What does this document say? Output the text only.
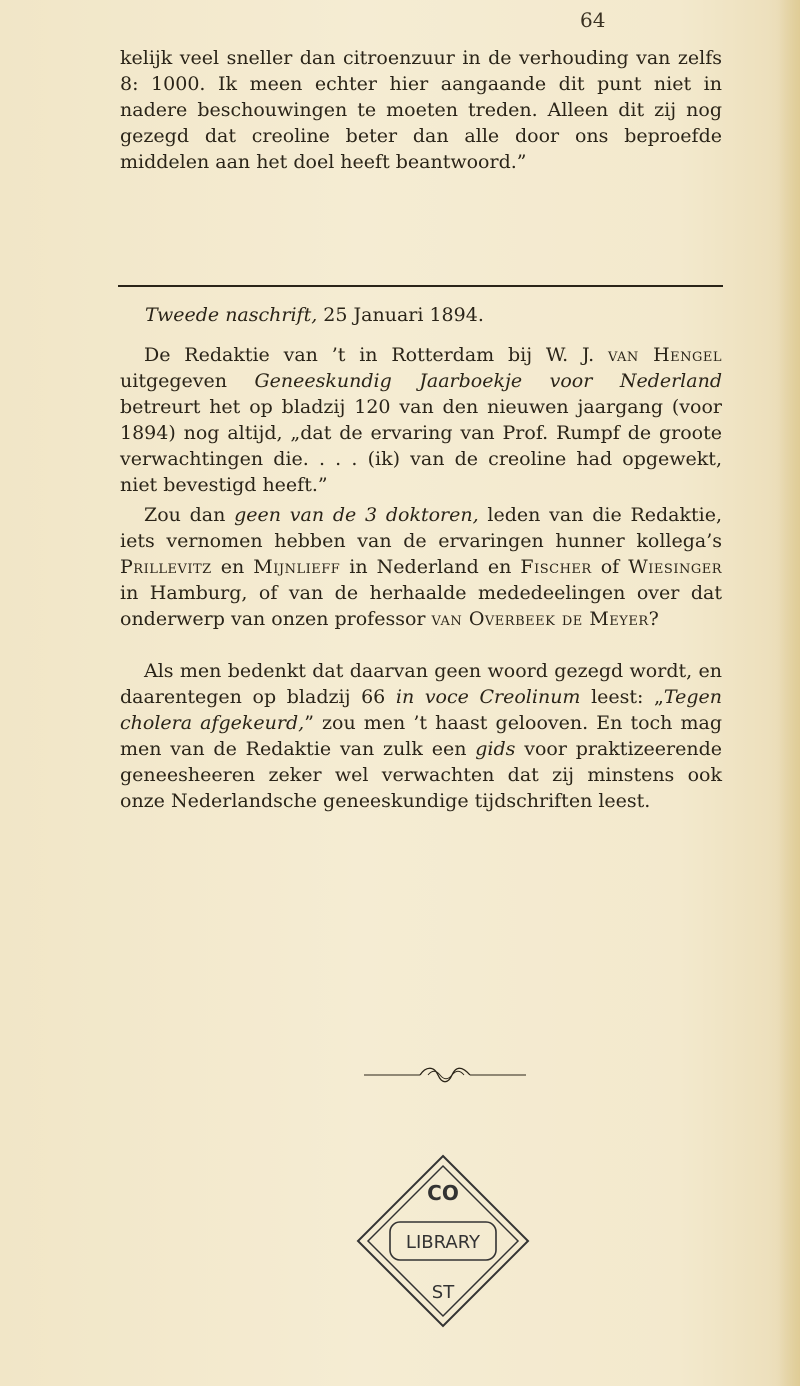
64

kelijk veel sneller dan citroenzuur in de verhouding van zelfs 8: 1000. Ik meen echter hier aangaande dit punt niet in nadere beschouwingen te moeten treden. Alleen dit zij nog gezegd dat creoline beter dan alle door ons beproefde middelen aan het doel heeft beantwoord.”

Tweede naschrift, 25 Januari 1894.

De Redaktie van ’t in Rotterdam bij W. J. van Hengel uitgegeven Geneeskundig Jaarboekje voor Nederland betreurt het op bladzij 120 van den nieuwen jaargang (voor 1894) nog altijd, „dat de ervaring van Prof. Rumpf de groote verwachtingen die. . . . (ik) van de creoline had opgewekt, niet bevestigd heeft.”

Zou dan geen van de 3 doktoren, leden van die Redaktie, iets vernomen hebben van de ervaringen hunner kollega’s Prillevitz en Mijnlieff in Nederland en Fischer of Wiesinger in Hamburg, of van de herhaalde mededeelingen over dat onderwerp van onzen professor van Overbeek de Meyer?

Als men bedenkt dat daarvan geen woord gezegd wordt, en daarentegen op bladzij 66 in voce Creolinum leest: „Tegen cholera afgekeurd,” zou men ’t haast gelooven. En toch mag men van de Redaktie van zulk een gids voor praktizeerende geneesheeren zeker wel verwachten dat zij minstens ook onze Nederlandsche geneeskundige tijdschriften leest.

CO
LIBRARY
ST
